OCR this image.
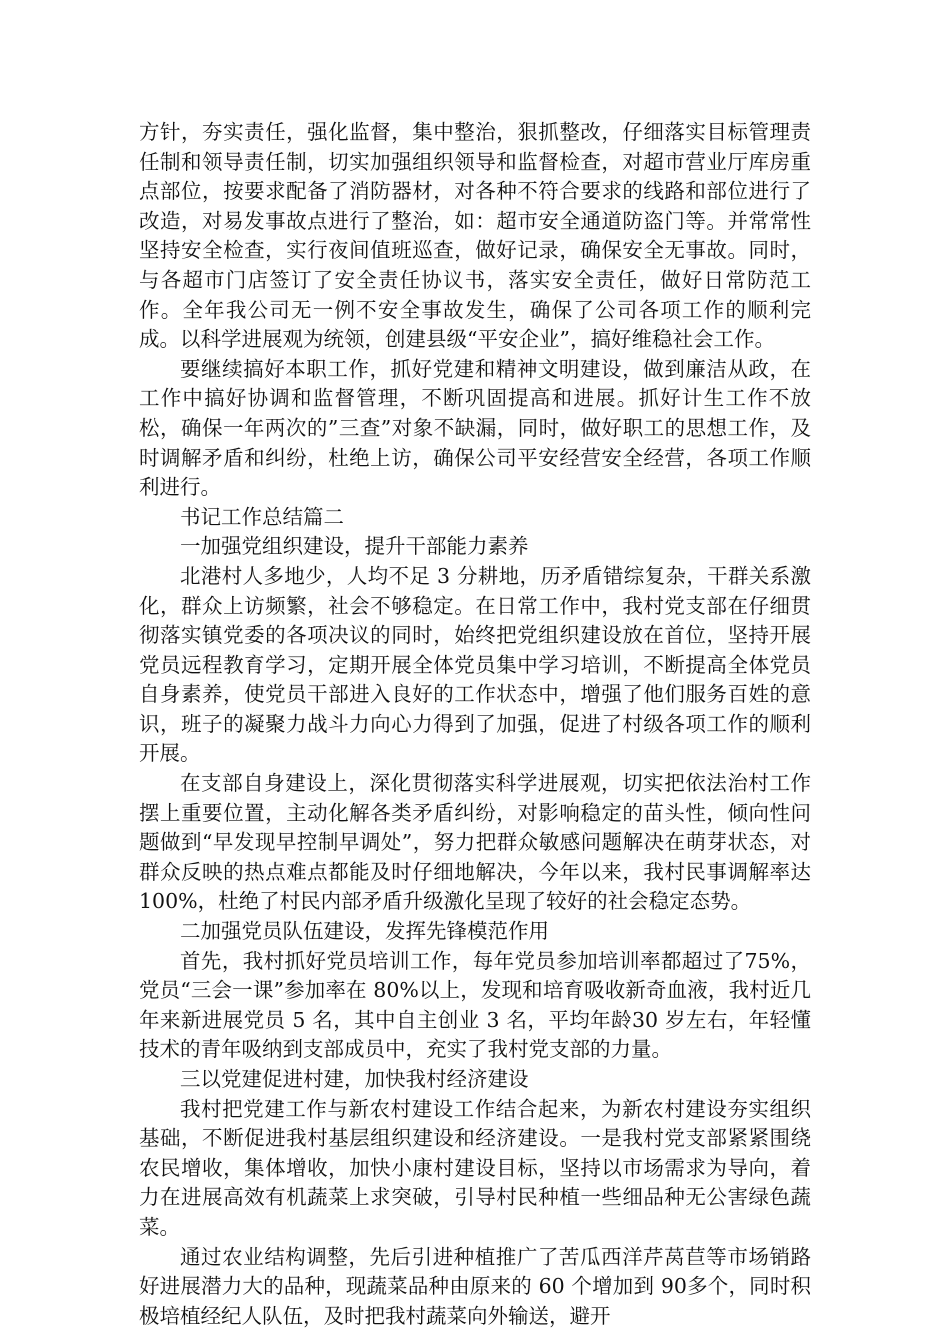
方针，夯实责任，强化监督，集中整治，狠抓整改，仔细落实目标管理责任制和领导责任制，切实加强组织领导和监督检查，对超市营业厅库房重点部位，按要求配备了消防器材，对各种不符合要求的线路和部位进行了改造，对易发事故点进行了整治，如：超市安全通道防盗门等。并常常性坚持安全检查，实行夜间值班巡查，做好记录，确保安全无事故。同时，与各超市门店签订了安全责任协议书，落实安全责任，做好日常防范工作。全年我公司无一例不安全事故发生，确保了公司各项工作的顺利完成。以科学进展观为统领，创建县级“平安企业”，搞好维稳社会工作。

要继续搞好本职工作，抓好党建和精神文明建设，做到廉洁从政，在工作中搞好协调和监督管理，不断巩固提高和进展。抓好计生工作不放松，确保一年两次的”三查”对象不缺漏，同时，做好职工的思想工作，及时调解矛盾和纠纷，杜绝上访，确保公司平安经营安全经营，各项工作顺利进行。

书记工作总结篇二

一加强党组织建设，提升干部能力素养

北港村人多地少，人均不足 3 分耕地，历矛盾错综复杂，干群关系激化，群众上访频繁，社会不够稳定。在日常工作中，我村党支部在仔细贯彻落实镇党委的各项决议的同时，始终把党组织建设放在首位，坚持开展党员远程教育学习，定期开展全体党员集中学习培训，不断提高全体党员自身素养，使党员干部进入良好的工作状态中，增强了他们服务百姓的意识，班子的凝聚力战斗力向心力得到了加强，促进了村级各项工作的顺利开展。

在支部自身建设上，深化贯彻落实科学进展观，切实把依法治村工作摆上重要位置，主动化解各类矛盾纠纷，对影响稳定的苗头性，倾向性问题做到“早发现早控制早调处”，努力把群众敏感问题解决在萌芽状态，对群众反映的热点难点都能及时仔细地解决，今年以来，我村民事调解率达 100%，杜绝了村民内部矛盾升级激化呈现了较好的社会稳定态势。

二加强党员队伍建设，发挥先锋模范作用

首先，我村抓好党员培训工作，每年党员参加培训率都超过了75%，党员“三会一课”参加率在 80%以上，发现和培育吸收新奇血液，我村近几年来新进展党员 5 名，其中自主创业 3 名，平均年龄30 岁左右，年轻懂技术的青年吸纳到支部成员中，充实了我村党支部的力量。

三以党建促进村建，加快我村经济建设

我村把党建工作与新农村建设工作结合起来，为新农村建设夯实组织基础，不断促进我村基层组织建设和经济建设。一是我村党支部紧紧围绕农民增收，集体增收，加快小康村建设目标，坚持以市场需求为导向，着力在进展高效有机蔬菜上求突破，引导村民种植一些细品种无公害绿色蔬菜。

通过农业结构调整，先后引进种植推广了苦瓜西洋芹莴苣等市场销路好进展潜力大的品种，现蔬菜品种由原来的 60 个增加到 90多个，同时积极培植经纪人队伍，及时把我村蔬菜向外输送，避开
